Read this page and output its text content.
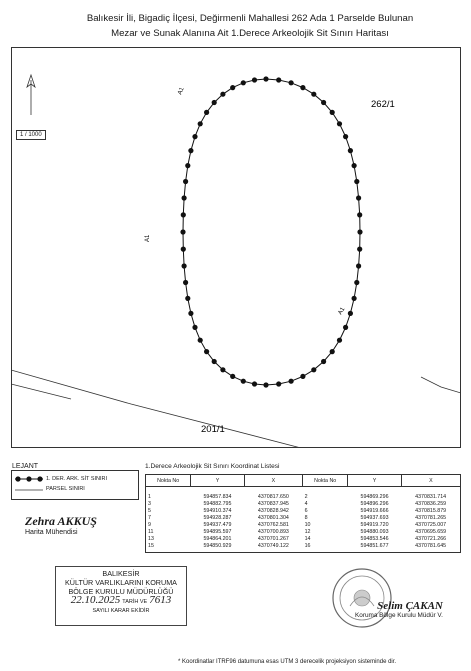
Balıkesir İli, Bigadiç İlçesi, Değirmenli Mahallesi 262 Ada 1 Parselde Bulunan
Mezar ve Sunak Alanına Ait 1.Derece Arkeolojik Sit Sınırı Haritası
262/1
201/1
A1
A1
A1
1 / 1000
LEJANT
1. DER. ARK. SİT SINIRI
PARSEL SINIRI
1.Derece Arkeolojik Sit Sınırı Koordinat Listesi
Nokta No	Y	X	Nokta No	Y	X
1	594857.834	4370817.650	2	594869.296	4370831.714
3	594882.795	4370837.945	4	594896.296	4370836.259
5	594910.374	4370828.942	6	594919.666	4370815.879
7	594928.287	4370801.304	8	594937.693	4370781.265
9	594937.479	4370762.581	10	594919.720	4370725.007
11	594895.597	4370700.893	12	594880.093	4370695.659
13	594864.201	4370701.267	14	594853.546	4370721.266
15	594850.929	4370749.122	16	594851.677	4370781.645
Zehra AKKUŞ
Harita Mühendisi
BALIKESİR
KÜLTÜR VARLIKLARINI KORUMA
BÖLGE KURULU MÜDÜRLÜĞÜ
22.10.2025 TARİH VE 7613
SAYILI KARAR EKİDİR	Selim ÇAKAN
Koruma Bölge Kurulu Müdür V.
* Koordinatlar ITRF96 datumuna esas UTM 3 derecelik projeksiyon sisteminde dir.
